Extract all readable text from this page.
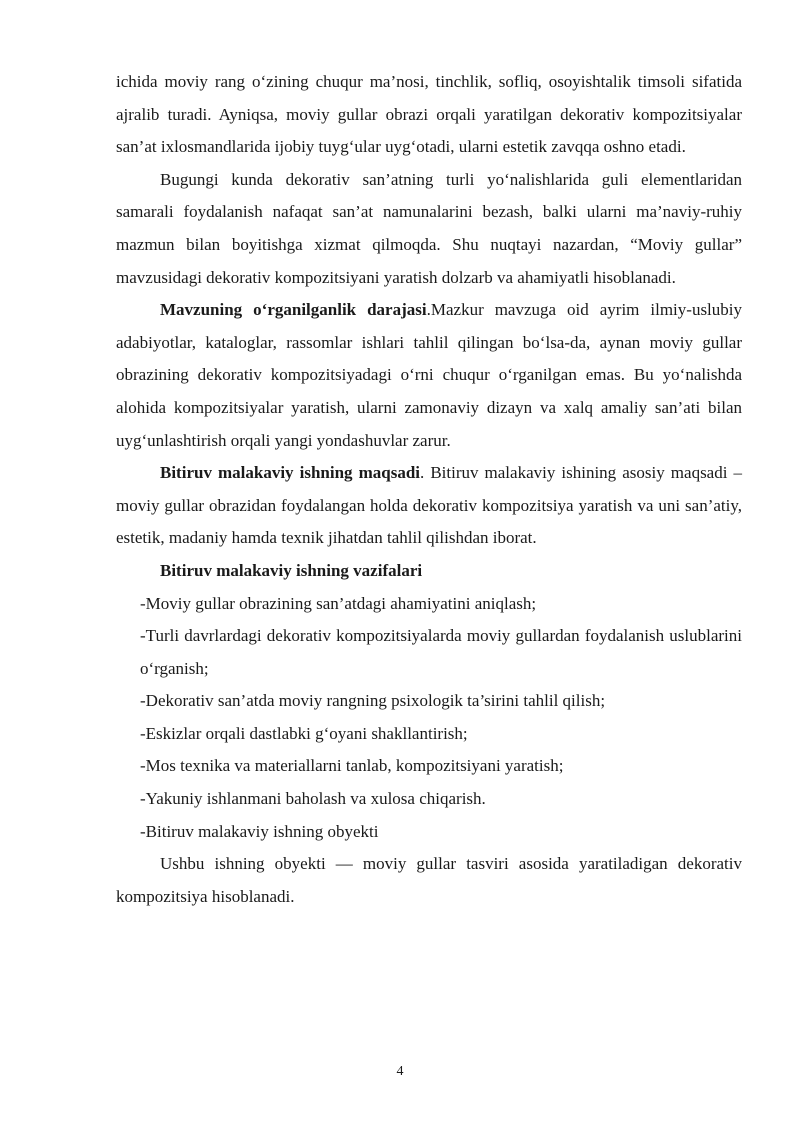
ichida moviy rang o‘zining chuqur ma’nosi, tinchlik, sofliq, osoyishtalik timsoli sifatida ajralib turadi. Ayniqsa, moviy gullar obrazi orqali yaratilgan dekorativ kompozitsiyalar san’at ixlosmandlarida ijobiy tuyg‘ular uyg‘otadi, ularni estetik zavqqa oshno etadi.

Bugungi kunda dekorativ san’atning turli yo‘nalishlarida guli elementlaridan samarali foydalanish nafaqat san’at namunalarini bezash, balki ularni ma’naviy-ruhiy mazmun bilan boyitishga xizmat qilmoqda. Shu nuqtayi nazardan, “Moviy gullar” mavzusidagi dekorativ kompozitsiyani yaratish dolzarb va ahamiyatli hisoblanadi.

Mavzuning o‘rganilganlik darajasi.Mazkur mavzuga oid ayrim ilmiy-uslubiy adabiyotlar, kataloglar, rassomlar ishlari tahlil qilingan bo‘lsa-da, aynan moviy gullar obrazining dekorativ kompozitsiyadagi o‘rni chuqur o‘rganilgan emas. Bu yo‘nalishda alohida kompozitsiyalar yaratish, ularni zamonaviy dizayn va xalq amaliy san’ati bilan uyg‘unlashtirish orqali yangi yondashuvlar zarur.

Bitiruv malakaviy ishning maqsadi. Bitiruv malakaviy ishining asosiy maqsadi – moviy gullar obrazidan foydalangan holda dekorativ kompozitsiya yaratish va uni san’atiy, estetik, madaniy hamda texnik jihatdan tahlil qilishdan iborat.

Bitiruv malakaviy ishning vazifalari

-Moviy gullar obrazining san’atdagi ahamiyatini aniqlash;

-Turli davrlardagi dekorativ kompozitsiyalarda moviy gullardan foydalanish uslublarini o‘rganish;

-Dekorativ san’atda moviy rangning psixologik ta’sirini tahlil qilish;

-Eskizlar orqali dastlabki g‘oyani shakllantirish;

-Mos texnika va materiallarni tanlab, kompozitsiyani yaratish;

-Yakuniy ishlanmani baholash va xulosa chiqarish.

-Bitiruv malakaviy ishning obyekti

Ushbu ishning obyekti — moviy gullar tasviri asosida yaratiladigan dekorativ kompozitsiya hisoblanadi.

4
